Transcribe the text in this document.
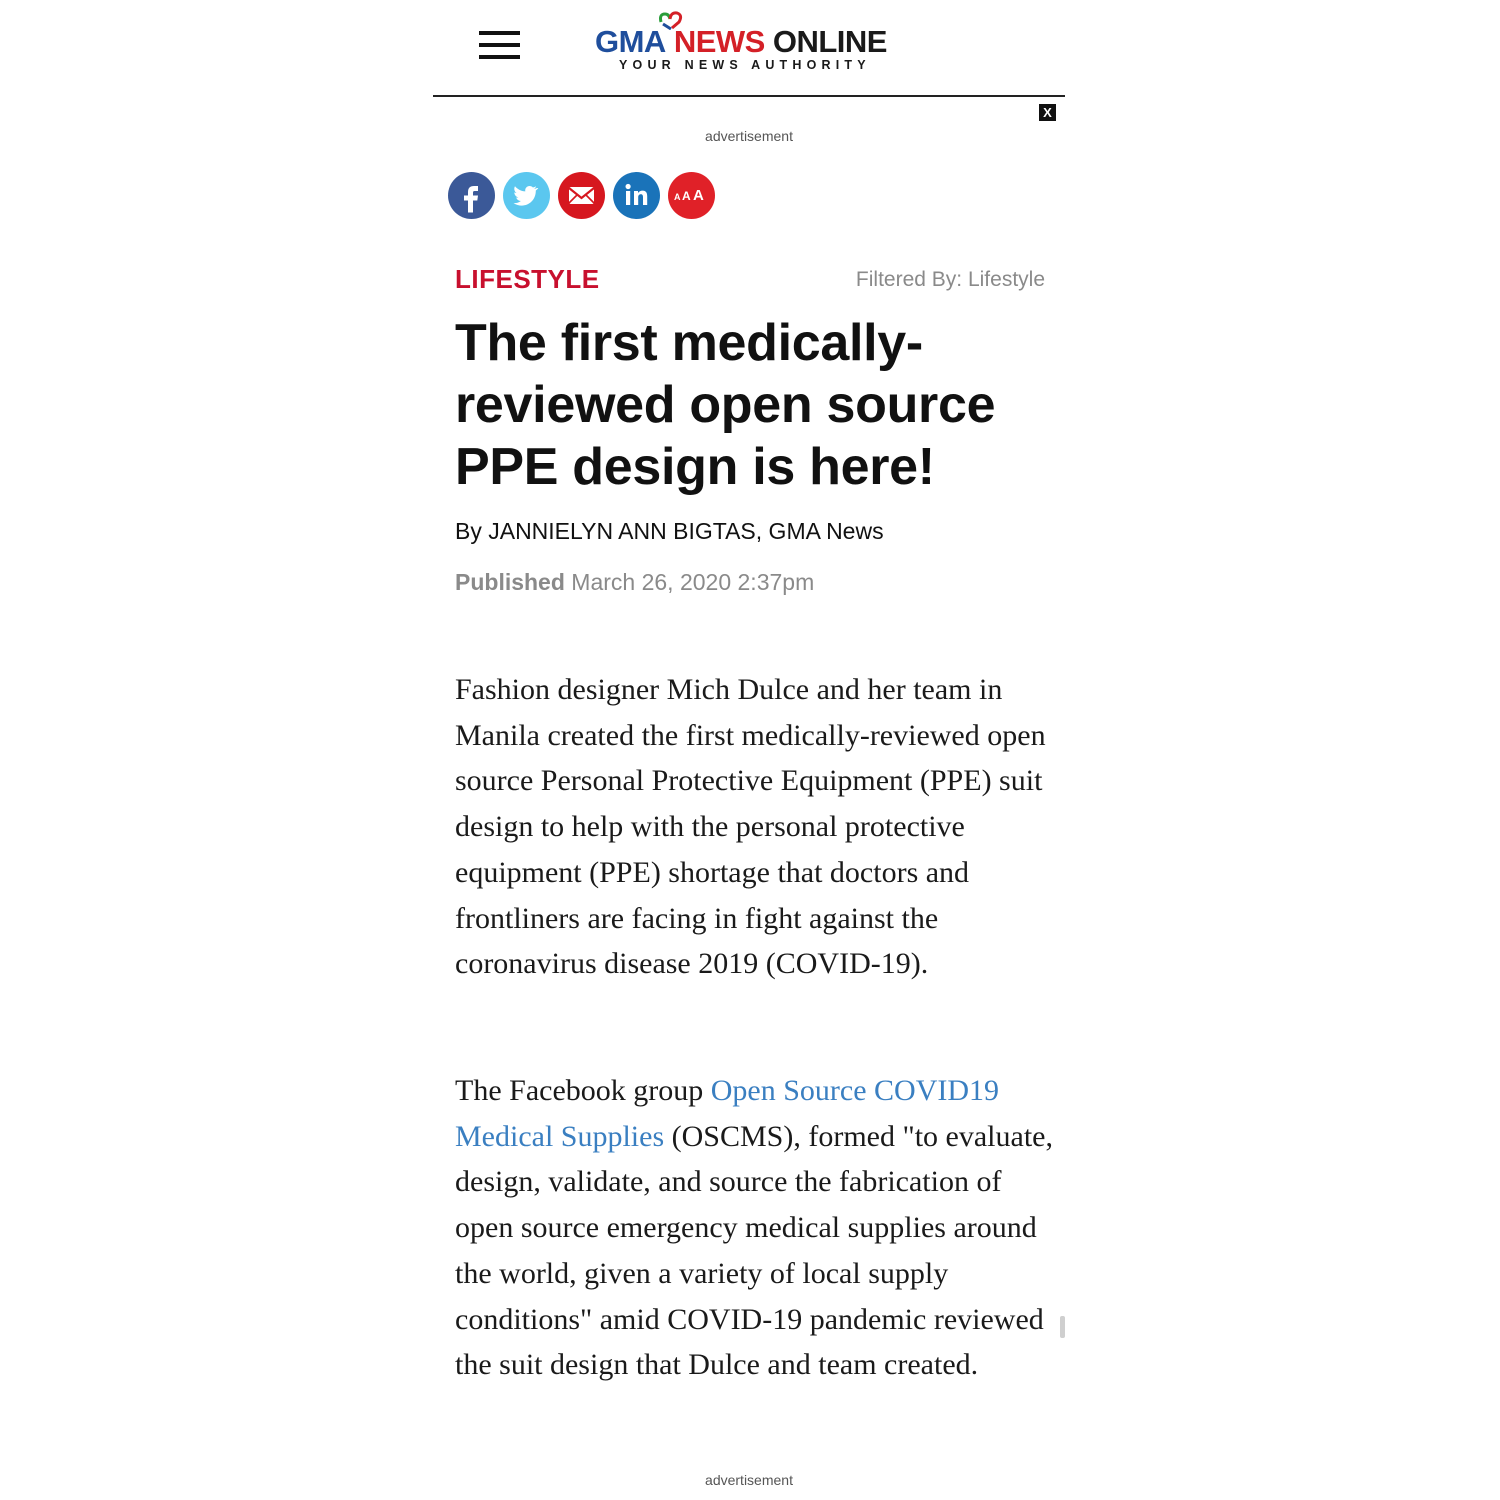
GMA NEWS ONLINE
YOUR NEWS AUTHORITY
X
advertisement
A A A
LIFESTYLE	Filtered By: Lifestyle
The first medically-reviewed open source PPE design is here!
By JANNIELYN ANN BIGTAS, GMA News
Published March 26, 2020 2:37pm
Fashion designer Mich Dulce and her team in Manila created the first medically-reviewed open source Personal Protective Equipment (PPE) suit design to help with the personal protective equipment (PPE) shortage that doctors and frontliners are facing in fight against the coronavirus disease 2019 (COVID-19).
The Facebook group Open Source COVID19 Medical Supplies (OSCMS), formed "to evaluate, design, validate, and source the fabrication of open source emergency medical supplies around the world, given a variety of local supply conditions" amid COVID-19 pandemic reviewed the suit design that Dulce and team created.
advertisement
